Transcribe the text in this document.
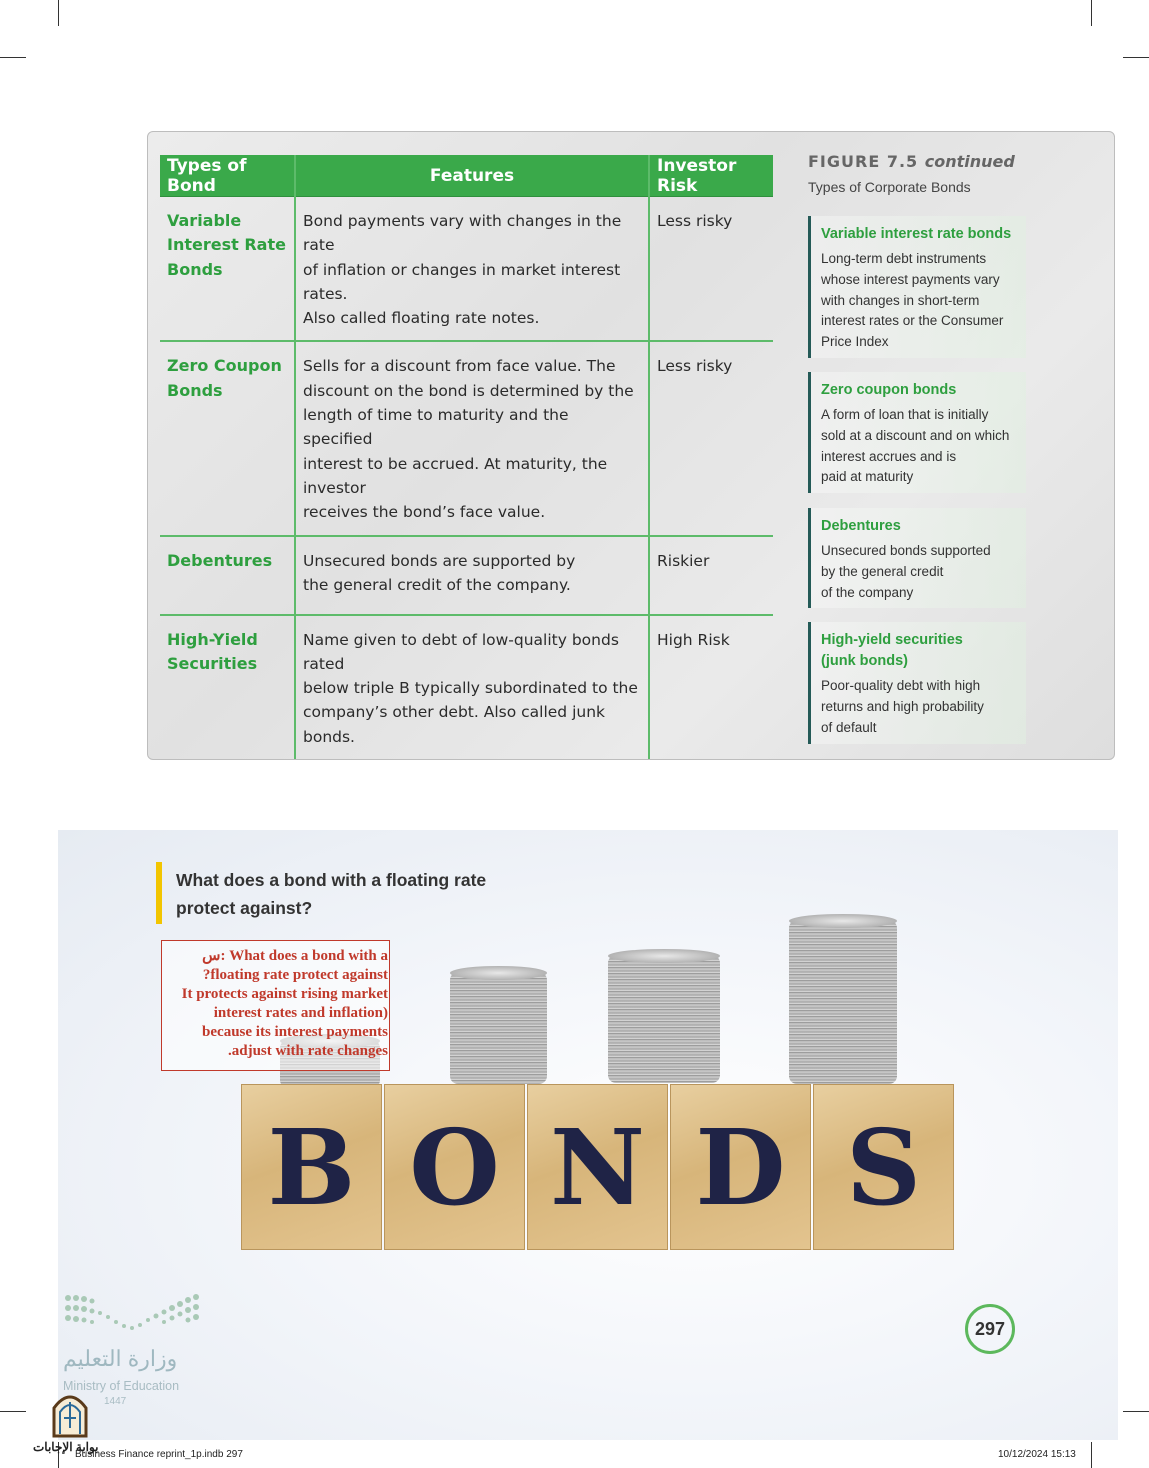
Types of Bond	Features	Investor Risk
Variable
Interest Rate
Bonds	Bond payments vary with changes in the rate
of inflation or changes in market interest rates.
Also called floating rate notes.	Less risky
Zero Coupon
Bonds	Sells for a discount from face value. The
discount on the bond is determined by the
length of time to maturity and the specified
interest to be accrued. At maturity, the investor
receives the bond’s face value.	Less risky
Debentures	Unsecured bonds are supported by
the general credit of the company.	Riskier
High-Yield
Securities	Name given to debt of low-quality bonds rated
below triple B typically subordinated to the
company’s other debt. Also called junk bonds.	High Risk
FIGURE 7.5 continued
Types of Corporate Bonds
Variable interest rate bonds
Long-term debt instruments
whose interest payments vary
with changes in short-term
interest rates or the Consumer
Price Index
Zero coupon bonds
A form of loan that is initially
sold at a discount and on which
interest accrues and is
paid at maturity
Debentures
Unsecured bonds supported
by the general credit
of the company
High-yield securities
(junk bonds)
Poor-quality debt with high
returns and high probability
of default
B O N D S
What does a bond with a floating rate
protect against?
س: What does a bond with a
?floating rate protect against
It protects against rising market
interest rates and inflation)
because its interest payments
.adjust with rate changes
297
وزارة التعليم
Ministry of Education
1447
بوابة الإجابات
Business Finance reprint_1p.indb 297	10/12/2024 15:13
